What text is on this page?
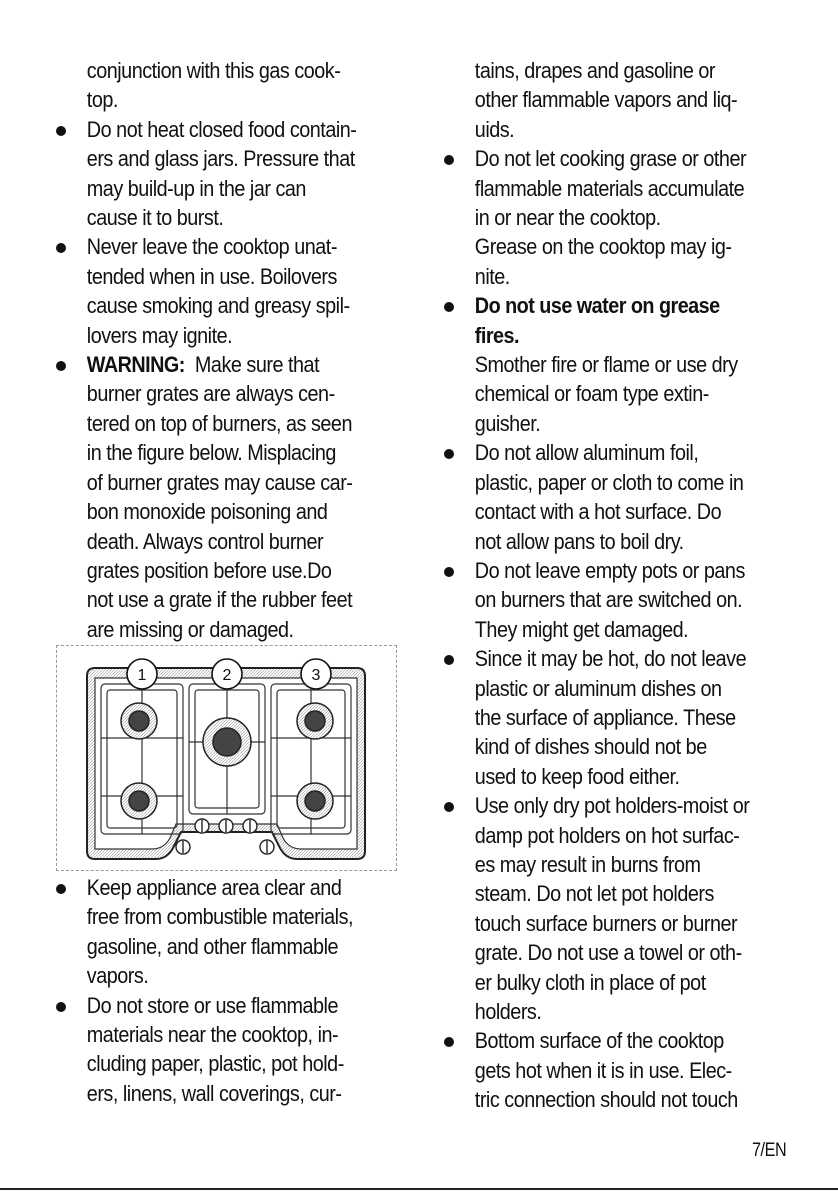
conjunction with this gas cook-
top.
Do not heat closed food contain-
ers and glass jars. Pressure that
may build-up in the jar can
cause it to burst.
Never leave the cooktop unat-
tended when in use. Boilovers
cause smoking and greasy spil-
lovers may ignite.
WARNING: Make sure that
burner grates are always cen-
tered on top of burners, as seen
in the figure below. Misplacing
of burner grates may cause car-
bon monoxide poisoning and
death. Always control burner
grates position before use.Do
not use a grate if the rubber feet
are missing or damaged.
1	2	3
Keep appliance area clear and
free from combustible materials,
gasoline, and other flammable
vapors.
Do not store or use flammable
materials near the cooktop, in-
cluding paper, plastic, pot hold-
ers, linens, wall coverings, cur-
tains, drapes and gasoline or
other flammable vapors and liq-
uids.
Do not let cooking grase or other
flammable materials accumulate
in or near the cooktop.
Grease on the cooktop may ig-
nite.
Do not use water on grease
fires.
Smother fire or flame or use dry
chemical or foam type extin-
guisher.
Do not allow aluminum foil,
plastic, paper or cloth to come in
contact with a hot surface. Do
not allow pans to boil dry.
Do not leave empty pots or pans
on burners that are switched on.
They might get damaged.
Since it may be hot, do not leave
plastic or aluminum dishes on
the surface of appliance. These
kind of dishes should not be
used to keep food either.
Use only dry pot holders-moist or
damp pot holders on hot surfac-
es may result in burns from
steam. Do not let pot holders
touch surface burners or burner
grate. Do not use a towel or oth-
er bulky cloth in place of pot
holders.
Bottom surface of the cooktop
gets hot when it is in use. Elec-
tric connection should not touch
7/EN
